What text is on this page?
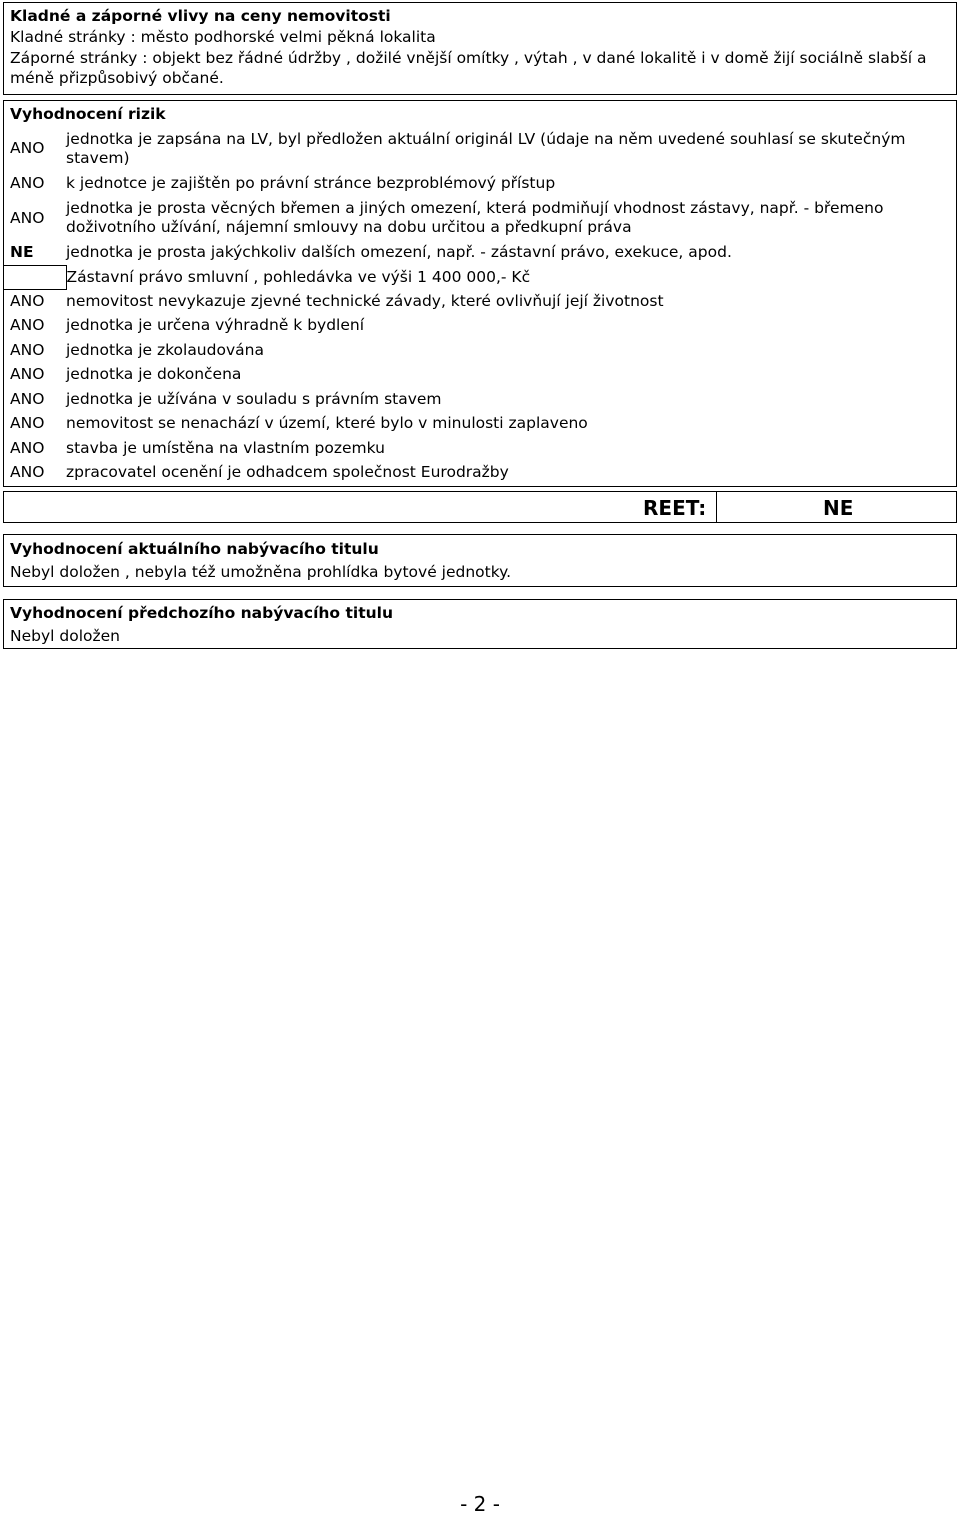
Kladné a záporné vlivy na ceny nemovitosti
Kladné stránky : město podhorské velmi pěkná lokalita
Záporné stránky : objekt bez řádné údržby , dožilé vnější omítky , výtah , v dané lokalitě i v domě žijí sociálně slabší a méně přizpůsobivý občané.
Vyhodnocení rizik
ANO	jednotka je zapsána na LV, byl předložen aktuální originál LV (údaje na něm uvedené souhlasí se skutečným stavem)
ANO	k jednotce je zajištěn po právní stránce bezproblémový přístup
ANO	jednotka je prosta věcných břemen a jiných omezení, která podmiňují vhodnost zástavy, např. - břemeno doživotního užívání, nájemní smlouvy na dobu určitou a předkupní práva
NE	jednotka je prosta jakýchkoliv dalších omezení, např. - zástavní právo, exekuce, apod.
	Zástavní právo smluvní , pohledávka ve výši 1 400 000,- Kč
ANO	nemovitost nevykazuje zjevné technické závady, které ovlivňují její životnost
ANO	jednotka je určena výhradně k bydlení
ANO	jednotka je zkolaudována
ANO	jednotka je dokončena
ANO	jednotka je užívána v souladu s právním stavem
ANO	nemovitost se nenachází v území, které bylo v minulosti zaplaveno
ANO	stavba je umístěna na vlastním pozemku
ANO	zpracovatel ocenění je odhadcem společnost Eurodražby
REET:	NE
Vyhodnocení aktuálního nabývacího titulu
Nebyl doložen , nebyla též umožněna prohlídka bytové jednotky.
Vyhodnocení předchozího nabývacího titulu
Nebyl doložen
- 2 -
